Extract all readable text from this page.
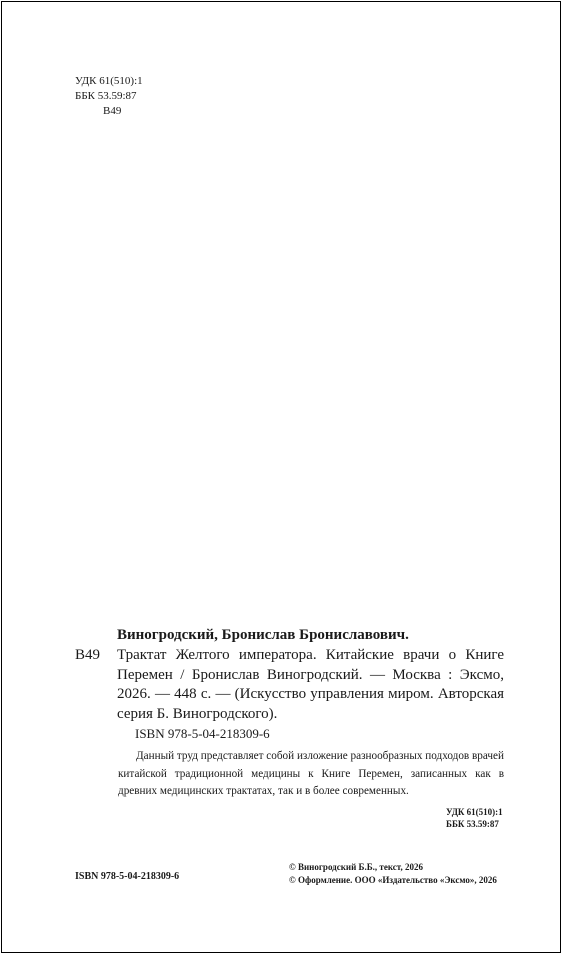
УДК 61(510):1
ББК 53.59:87
В49
Виногродский, Бронислав Брониславович.
В49 Трактат Желтого императора. Китайские врачи о Книге Перемен / Бронислав Виногродский. — Москва : Эксмо, 2026. — 448 с. — (Искусство управления миром. Авторская серия Б. Виногродского).
ISBN 978-5-04-218309-6
Данный труд представляет собой изложение разнообразных подходов врачей китайской традиционной медицины к Книге Перемен, записанных как в древних медицинских трактатах, так и в более современных.
УДК 61(510):1
ББК 53.59:87
ISBN 978-5-04-218309-6
© Виногродский Б.Б., текст, 2026
© Оформление. ООО «Издательство «Эксмо», 2026
